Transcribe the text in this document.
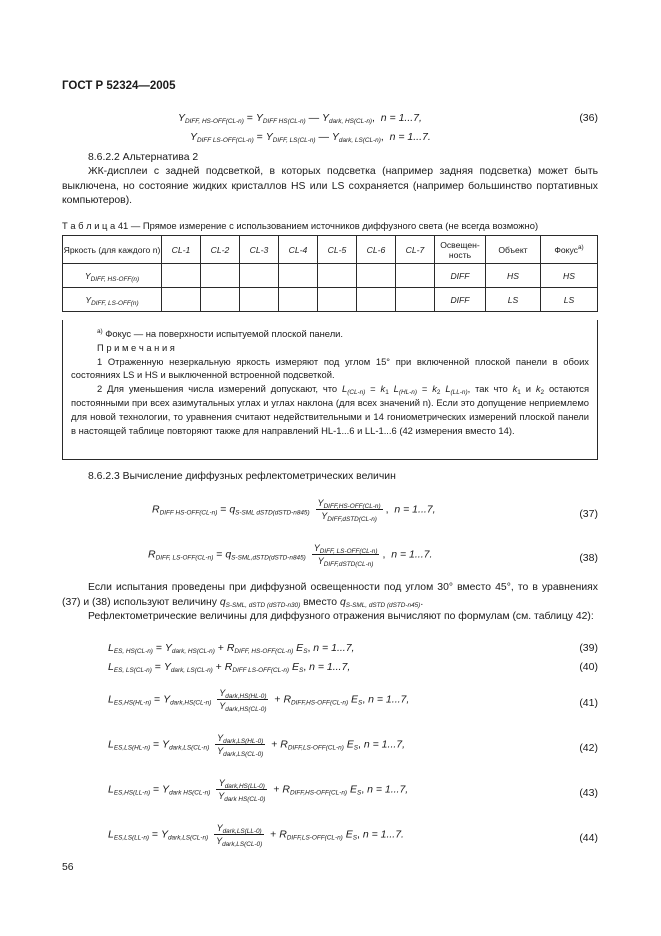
ГОСТ Р 52324—2005
$Y_{DIFF, HS-OFF(CL-n)} = Y_{DIFF HS(CL-n)}$ — $Y_{dark, HS(CL-n)}$,  n = 1...7,	(36)
$Y_{DIFF LS-OFF(CL-n)} = Y_{DIFF, LS(CL-n)}$ — $Y_{dark, LS(CL-n)}$,  n = 1...7.
8.6.2.2 Альтернатива 2
ЖК-дисплеи с задней подсветкой, в которых подсветка (например задняя подсветка) может быть выключена, но состояние жидких кристаллов HS или LS сохраняется (например большинство портативных компьютеров).
Т а б л и ц а 41 — Прямое измерение с использованием источников диффузного света (не всегда возможно)
Яркость (для каждого n)	CL-1	CL-2	CL-3	CL-4	CL-5	CL-6	CL-7	Освещенность	Объект	Фокус$^{а)}$
$Y_{DIFF, HS-OFF(n)}$								DIFF	HS	HS
$Y_{DIFF, LS-OFF(n)}$								DIFF	LS	LS

$^{а)}$ Фокус — на поверхности испытуемой плоской панели.

П р и м е ч а н и я

1 Отраженную незеркальную яркость измеряют под углом 15° при включенной плоской панели в обоих состояниях LS и HS и выключенной встроенной подсветкой.

2 Для уменьшения числа измерений допускают, что $L_{(CL-n)} = k_1$ $L_{(HL-n)} = k_2$ $L_{(LL-n)}$, так что $k_1$ и $k_2$ остаются постоянными при всех азимутальных углах и углах наклона (для всех значений n). Если это допущение неприемлемо для новой технологии, то уравнения считают недействительными и 14 гониометрических измерений плоской панели в настоящей таблице повторяют также для направлений HL-1...6 и LL-1...6 (42 измерения вместо 14).

8.6.2.3 Вычисление диффузных рефлектометрических величин
$R_{DIFF HS-OFF(CL-n)} = q_{S-SML dSTD(dSTD-n845)} \frac{Y_{DIFF,HS-OFF(CL-n)}}{Y_{DIFF,dSTD(CL-n)}}$ ,  n = 1...7,	(37)
$R_{DIFF, LS-OFF(CL-n)} = q_{S-SML,dSTD(dSTD-n845)} \frac{Y_{DIFF, LS-OFF(CL-n)}}{Y_{DIFF,dSTD(CL-n)}}$ ,  n = 1...7.	(38)
Если испытания проведены при диффузной освещенности под углом 30° вместо 45°, то в уравнениях (37) и (38) используют величину $q_{S-SML, dSTD (dSTD-n30)}$ вместо $q_{S-SML, dSTD (dSTD-n45)}$.
Рефлектометрические величины для диффузного отражения вычисляют по формулам (см. таблицу 42):
$L_{ES, HS(CL-n)} = Y_{dark, HS(CL-n)} + R_{DIFF, HS-OFF(CL-n)}$ $E_S$, n = 1...7,	(39)
$L_{ES, LS(CL-n)} = Y_{dark, LS(CL-n)} + R_{DIFF LS-OFF(CL-n)}$ $E_S$, n = 1...7,	(40)
$L_{ES,HS(HL-n)} = Y_{dark,HS(CL-n)} \frac{Y_{dark,HS(HL-0)}}{Y_{dark,HS(CL-0)}} + R_{DIFF,HS-OFF(CL-n)}$ $E_S$, n = 1...7,	(41)
$L_{ES,LS(HL-n)} = Y_{dark,LS(CL-n)} \frac{Y_{dark,LS(HL-0)}}{Y_{dark,LS(CL-0)}} + R_{DIFF,LS-OFF(CL-n)}$ $E_S$, n = 1...7,	(42)
$L_{ES,HS(LL-n)} = Y_{dark HS(CL-n)} \frac{Y_{dark,HS(LL-0)}}{Y_{dark HS(CL-0)}} + R_{DIFF,HS-OFF(CL-n)}$ $E_S$, n = 1...7,	(43)
$L_{ES,LS(LL-n)} = Y_{dark,LS(CL-n)} \frac{Y_{dark,LS(LL-0)}}{Y_{dark,LS(CL-0)}} + R_{DIFF,LS-OFF(CL-n)}$ $E_S$, n = 1...7.	(44)
56
